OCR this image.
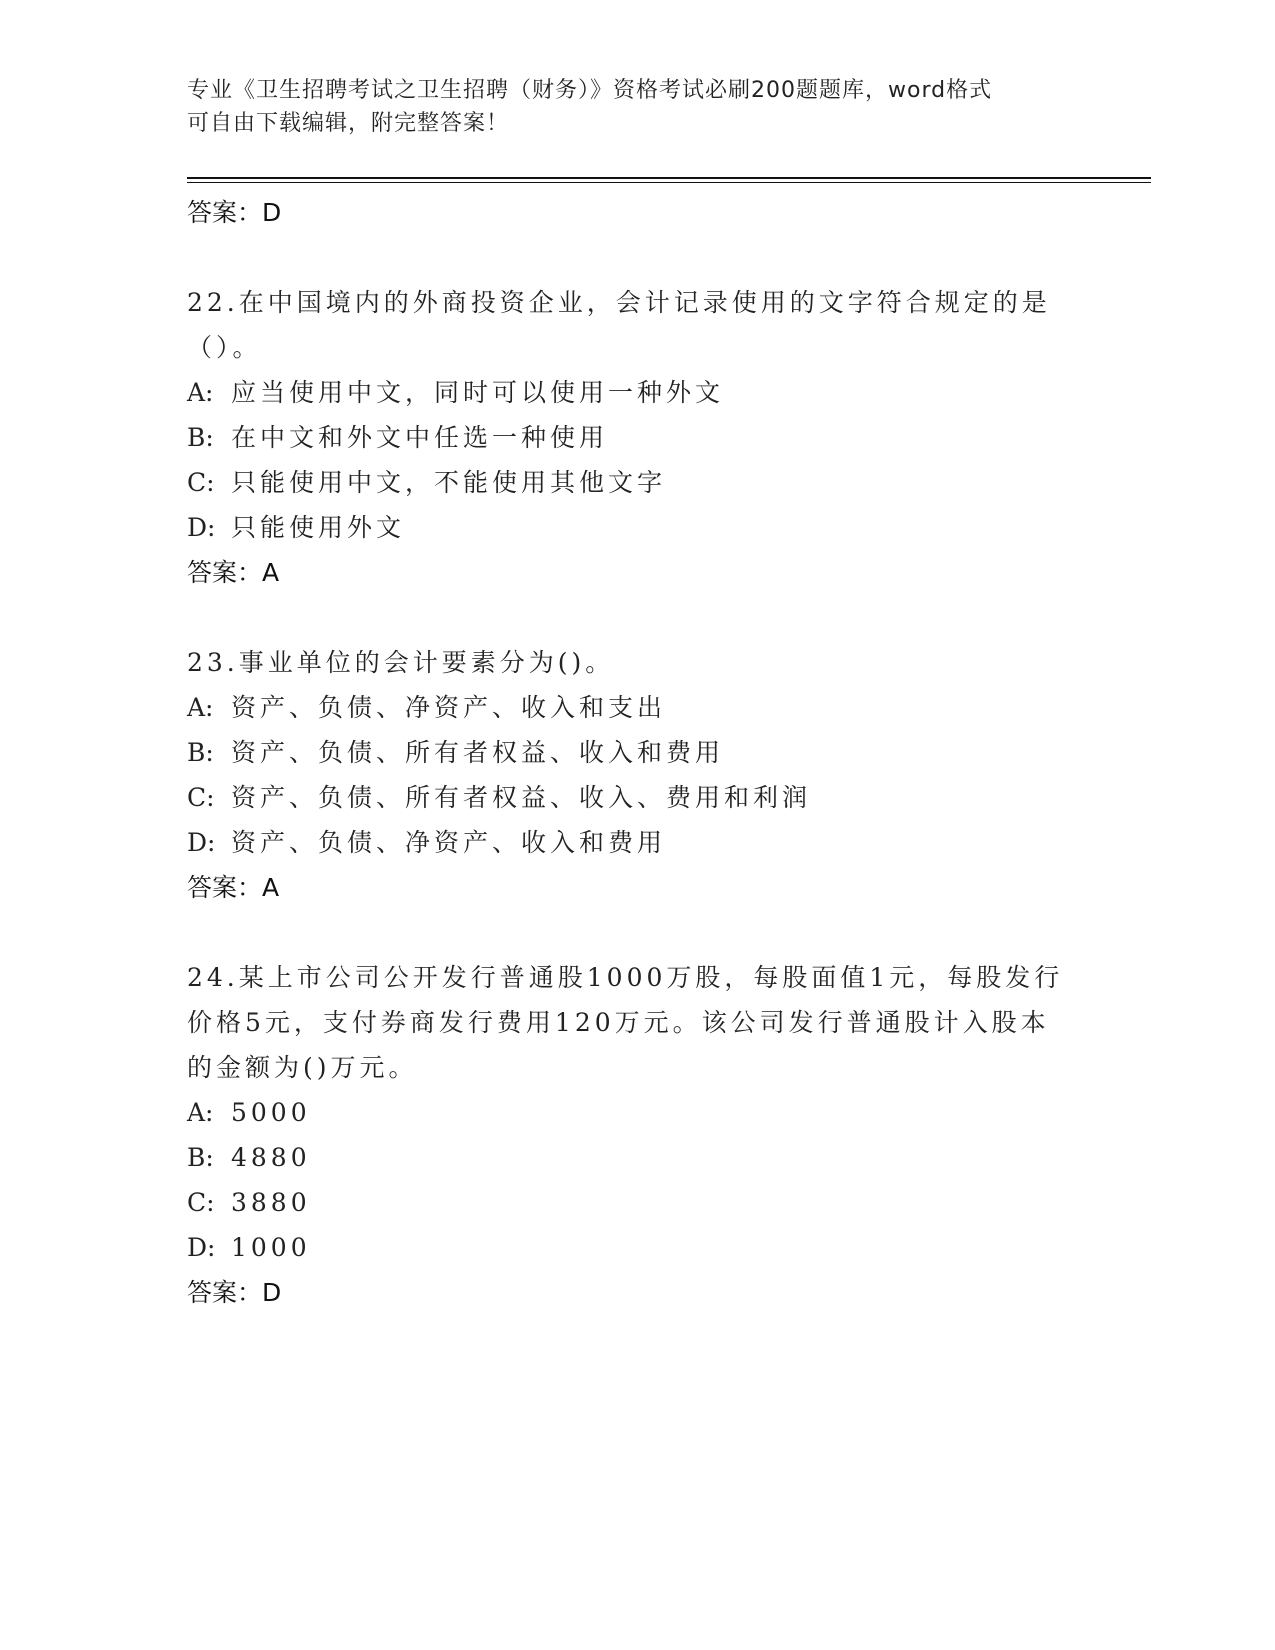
专业《卫生招聘考试之卫生招聘（财务）》资格考试必刷200题题库，word格式
可自由下载编辑，附完整答案！
答案：D
22.在中国境内的外商投资企业，会计记录使用的文字符合规定的是（）。
A: 应当使用中文，同时可以使用一种外文
B: 在中文和外文中任选一种使用
C: 只能使用中文，不能使用其他文字
D: 只能使用外文
答案：A
23.事业单位的会计要素分为()。
A: 资产、负债、净资产、收入和支出
B: 资产、负债、所有者权益、收入和费用
C: 资产、负债、所有者权益、收入、费用和利润
D: 资产、负债、净资产、收入和费用
答案：A
24.某上市公司公开发行普通股1000万股，每股面值1元，每股发行价格5元，支付券商发行费用120万元。该公司发行普通股计入股本的金额为()万元。
A: 5000
B: 4880
C: 3880
D: 1000
答案：D
